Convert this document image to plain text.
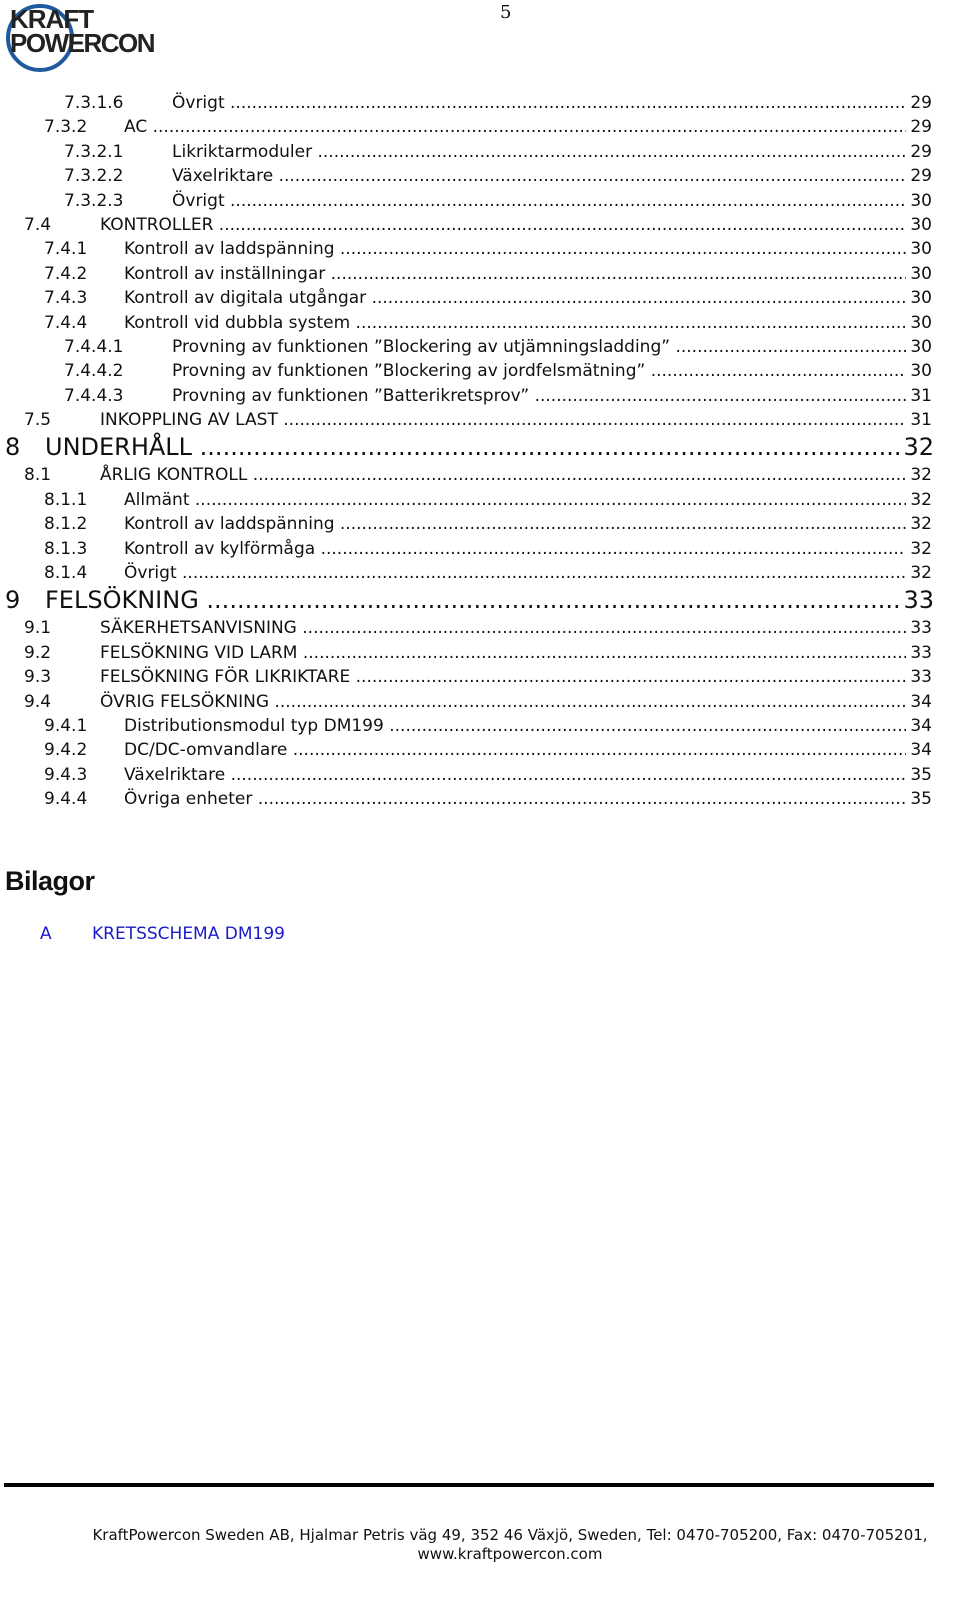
KRAFT
POWERCON
5
7.3.1.6	Övrigt .....	29
7.3.2 AC .....	29
7.3.2.1	Likriktarmoduler .....	29
7.3.2.2	Växelriktare .....	29
7.3.2.3	Övrigt .....	30
7.4	KONTROLLER .....	30
7.4.1 Kontroll av laddspänning .....	30
7.4.2 Kontroll av inställningar .....	30
7.4.3 Kontroll av digitala utgångar .....	30
7.4.4 Kontroll vid dubbla system .....	30
7.4.4.1	Provning av funktionen ”Blockering av utjämningsladding” .....	30
7.4.4.2	Provning av funktionen ”Blockering av jordfelsmätning” .....	30
7.4.4.3	Provning av funktionen ”Batterikretsprov” .....	31
7.5	INKOPPLING AV LAST .....	31
8 UNDERHÅLL .....	32
8.1	ÅRLIG KONTROLL .....	32
8.1.1 Allmänt .....	32
8.1.2 Kontroll av laddspänning .....	32
8.1.3 Kontroll av kylförmåga .....	32
8.1.4 Övrigt .....	32
9 FELSÖKNING .....	33
9.1	SÄKERHETSANVISNING .....	33
9.2	FELSÖKNING VID LARM .....	33
9.3	FELSÖKNING FÖR LIKRIKTARE .....	33
9.4	ÖVRIG FELSÖKNING .....	34
9.4.1 Distributionsmodul typ DM199 .....	34
9.4.2 DC/DC-omvandlare .....	34
9.4.3 Växelriktare .....	35
9.4.4 Övriga enheter .....	35
Bilagor
A KRETSSCHEMA DM199
KraftPowercon Sweden AB, Hjalmar Petris väg 49, 352 46 Växjö, Sweden, Tel: 0470-705200, Fax: 0470-705201,
www.kraftpowercon.com
